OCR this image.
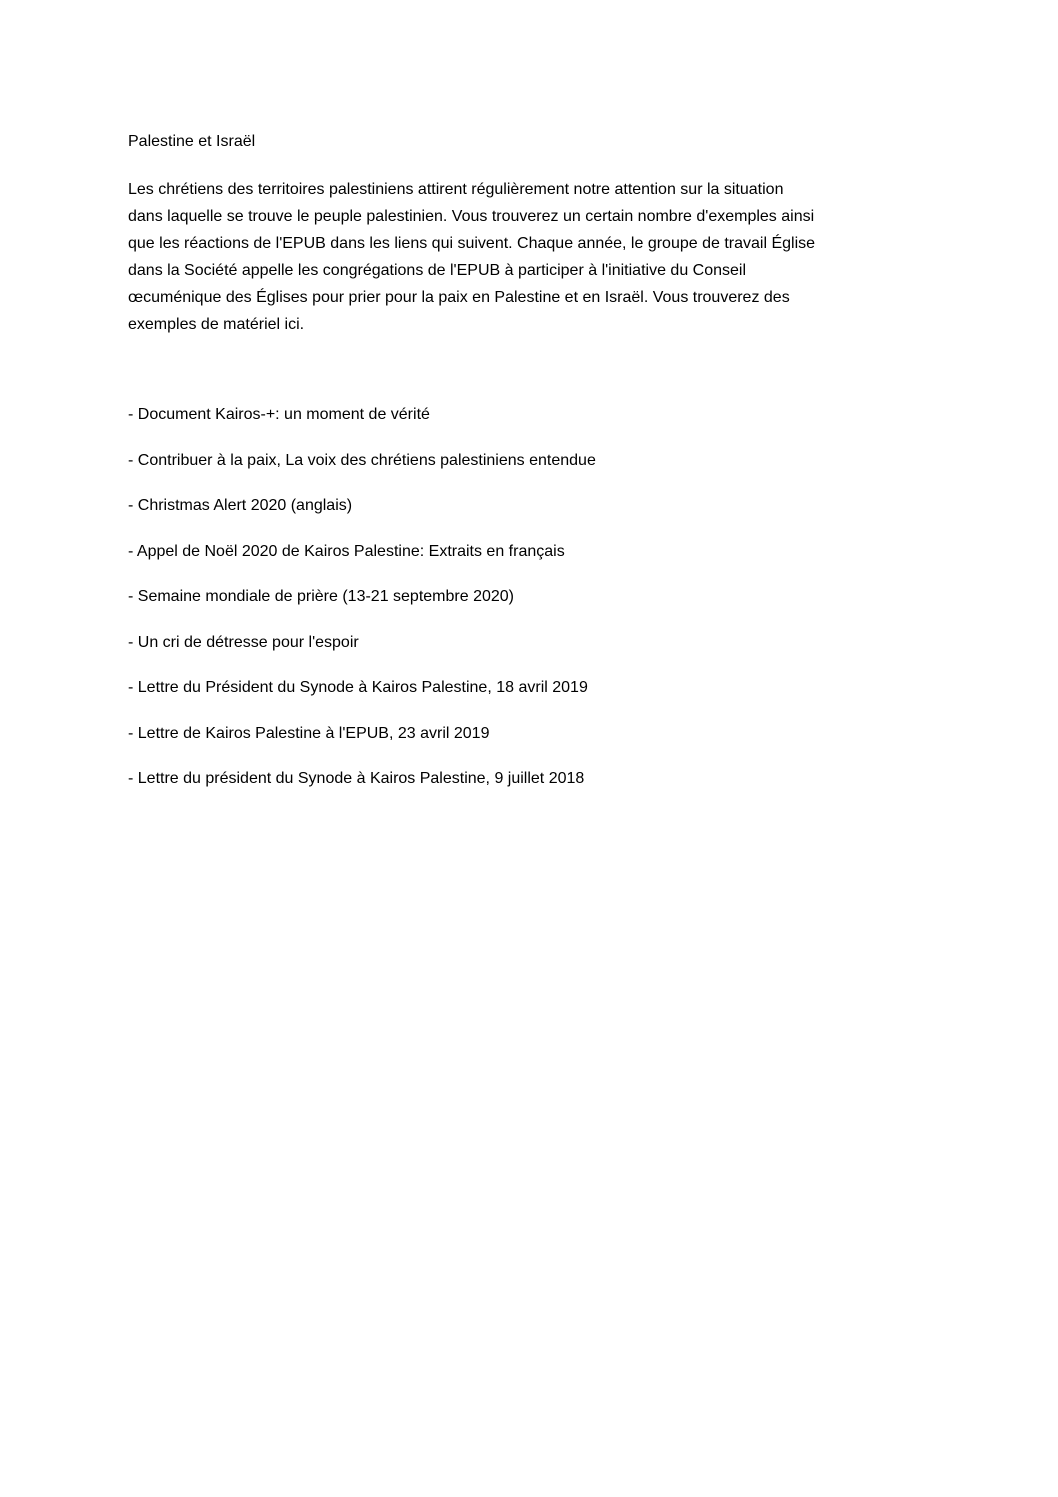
Palestine et Israël

Les chrétiens des territoires palestiniens attirent régulièrement notre attention sur la situation
dans laquelle se trouve le peuple palestinien. Vous trouverez un certain nombre d'exemples ainsi
que les réactions de l'EPUB dans les liens qui suivent. Chaque année, le groupe de travail Église
dans la Société appelle les congrégations de l'EPUB à participer à l'initiative du Conseil
œcuménique des Églises pour prier pour la paix en Palestine et en Israël. Vous trouverez des
exemples de matériel ici.

- Document Kairos-+: un moment de vérité
- Contribuer à la paix, La voix des chrétiens palestiniens entendue
- Christmas Alert 2020 (anglais)
- Appel de Noël 2020 de Kairos Palestine: Extraits en français
- Semaine mondiale de prière (13-21 septembre 2020)
- Un cri de détresse pour l'espoir
- Lettre du Président du Synode à Kairos Palestine, 18 avril 2019
- Lettre de Kairos Palestine à l'EPUB, 23 avril 2019
- Lettre du président du Synode à Kairos Palestine, 9 juillet 2018
